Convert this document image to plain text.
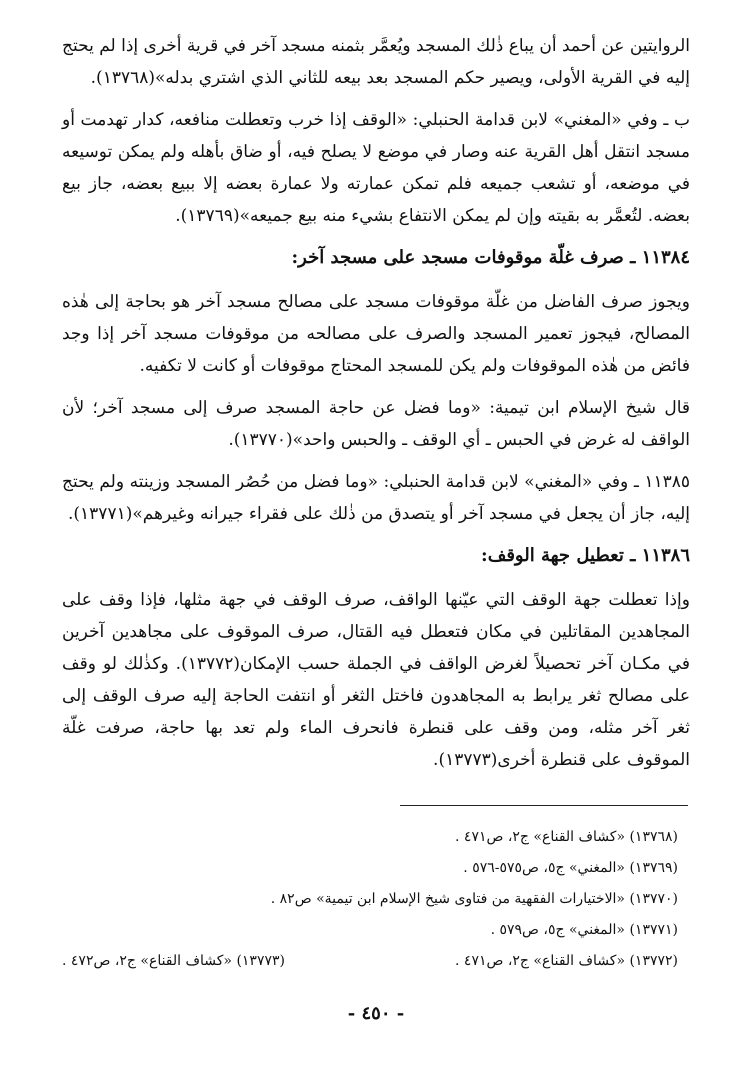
الروايتين عن أحمد أن يباع ذٰلك المسجد ويُعمَّر بثمنه مسجد آخر في قرية أخرى إذا لم يحتج إليه في القرية الأولى، ويصير حكم المسجد بعد بيعه للثاني الذي اشتري بدله»(١٣٧٦٨).

ب ـ وفي «المغني» لابن قدامة الحنبلي: «الوقف إذا خرب وتعطلت منافعه، كدار تهدمت أو مسجد انتقل أهل القرية عنه وصار في موضع لا يصلح فيه، أو ضاق بأهله ولم يمكن توسيعه في موضعه، أو تشعب جميعه فلم تمكن عمارته ولا عمارة بعضه إلا ببيع بعضه، جاز بيع بعضه. لتُعمَّر به بقيته وإن لم يمكن الانتفاع بشيء منه بيع جميعه»(١٣٧٦٩).

١١٣٨٤ ـ صرف غلّة موقوفات مسجد على مسجد آخر:

ويجوز صرف الفاضل من غلّة موقوفات مسجد على مصالح مسجد آخر هو بحاجة إلى هٰذه المصالح، فيجوز تعمير المسجد والصرف على مصالحه من موقوفات مسجد آخر إذا وجد فائض من هٰذه الموقوفات ولم يكن للمسجد المحتاج موقوفات أو كانت لا تكفيه.

قال شيخ الإسلام ابن تيمية: «وما فضل عن حاجة المسجد صرف إلى مسجد آخر؛ لأن الواقف له غرض في الحبس ـ أي الوقف ـ والحبس واحد»(١٣٧٧٠).

١١٣٨٥ ـ وفي «المغني» لابن قدامة الحنبلي: «وما فضل من حُصُر المسجد وزينته ولم يحتج إليه، جاز أن يجعل في مسجد آخر أو يتصدق من ذٰلك على فقراء جيرانه وغيرهم»(١٣٧٧١).

١١٣٨٦ ـ تعطيل جهة الوقف:

وإذا تعطلت جهة الوقف التي عيّنها الواقف، صرف الوقف في جهة مثلها، فإذا وقف على المجاهدين المقاتلين في مكان فتعطل فيه القتال، صرف الموقوف على مجاهدين آخرين في مكـان آخر تحصيلاً لغرض الواقف في الجملة حسب الإمكان(١٣٧٧٢). وكذٰلك لو وقف على مصالح ثغر يرابط به المجاهدون فاختل الثغر أو انتفت الحاجة إليه صرف الوقف إلى ثغر آخر مثله، ومن وقف على قنطرة فانحرف الماء ولم تعد بها حاجة، صرفت غلّة الموقوف على قنطرة أخرى(١٣٧٧٣).

(١٣٧٦٨) «كشاف القناع» ج٢، ص٤٧١ .

(١٣٧٦٩) «المغني» ج٥، ص٥٧٥-٥٧٦ .

(١٣٧٧٠) «الاختيارات الفقهية من فتاوى شيخ الإسلام ابن تيمية» ص٨٢ .

(١٣٧٧١) «المغني» ج٥، ص٥٧٩ .

(١٣٧٧٢) «كشاف القناع» ج٢، ص٤٧١ .

(١٣٧٧٣) «كشاف القناع» ج٢، ص٤٧٢ .

- ٤٥٠ -
